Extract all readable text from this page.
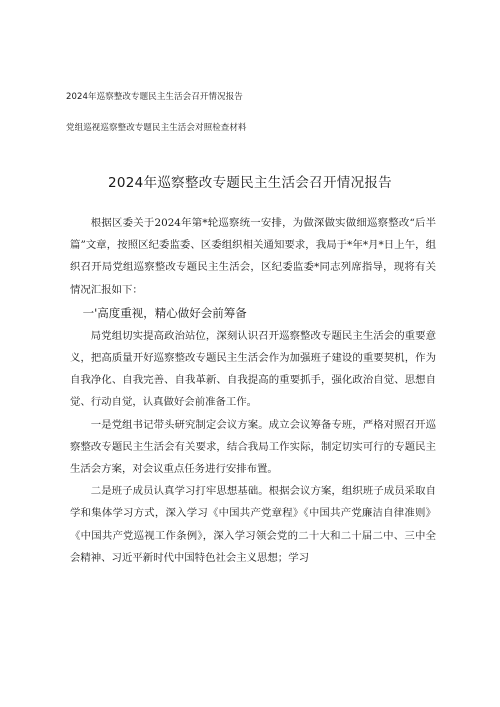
2024年巡察整改专题民主生活会召开情况报告
党组巡视巡察整改专题民主生活会对照检查材料
2024年巡察整改专题民主生活会召开情况报告

根据区委关于2024年第*轮巡察统一安排，为做深做实做细巡察整改“后半篇”文章，按照区纪委监委、区委组织相关通知要求，我局于*年*月*日上午，组织召开局党组巡察整改专题民主生活会，区纪委监委*同志列席指导，现将有关情况汇报如下：

一'高度重视，精心做好会前筹备

局党组切实提高政治站位，深刻认识召开巡察整改专题民主生活会的重要意义，把高质量开好巡察整改专题民主生活会作为加强班子建设的重要契机，作为自我净化、自我完善、自我革新、自我提高的重要抓手，强化政治自觉、思想自觉、行动自觉，认真做好会前准备工作。

一是党组书记带头研究制定会议方案。成立会议筹备专班，严格对照召开巡察整改专题民主生活会有关要求，结合我局工作实际，制定切实可行的专题民主生活会方案，对会议重点任务进行安排布置。

二是班子成员认真学习打牢思想基础。根据会议方案，组织班子成员采取自学和集体学习方式，深入学习《中国共产党章程》《中国共产党廉洁自律准则》《中国共产党巡视工作条例》，深入学习领会党的二十大和二十届二中、三中全会精神、习近平新时代中国特色社会主义思想；学习
